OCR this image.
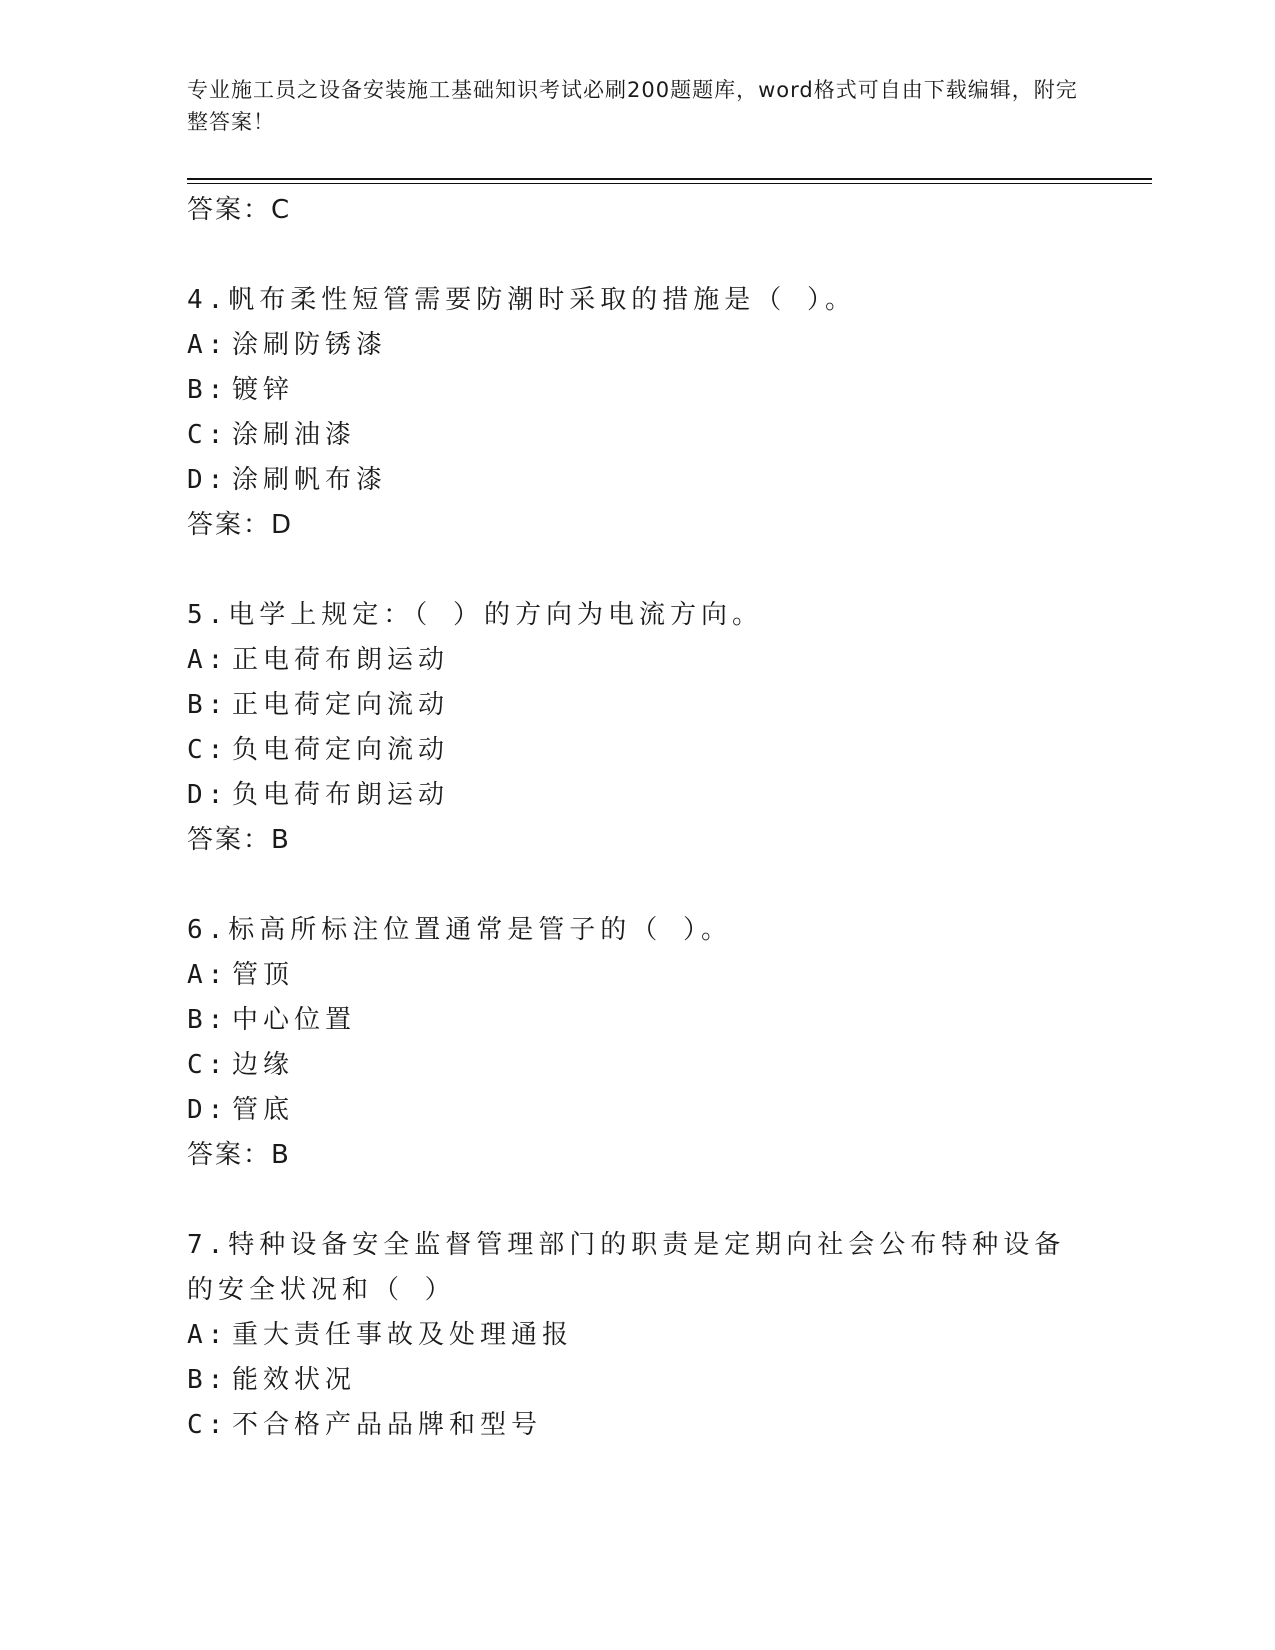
专业施工员之设备安装施工基础知识考试必刷200题题库，word格式可自由下载编辑，附完整答案！
答案：C
4.帆布柔性短管需要防潮时采取的措施是（ ）。
A: 涂刷防锈漆
B: 镀锌
C: 涂刷油漆
D: 涂刷帆布漆
答案：D
5.电学上规定：（ ）的方向为电流方向。
A: 正电荷布朗运动
B: 正电荷定向流动
C: 负电荷定向流动
D: 负电荷布朗运动
答案：B
6.标高所标注位置通常是管子的（ ）。
A: 管顶
B: 中心位置
C: 边缘
D: 管底
答案：B
7.特种设备安全监督管理部门的职责是定期向社会公布特种设备的安全状况和（ ）
A: 重大责任事故及处理通报
B: 能效状况
C: 不合格产品品牌和型号
